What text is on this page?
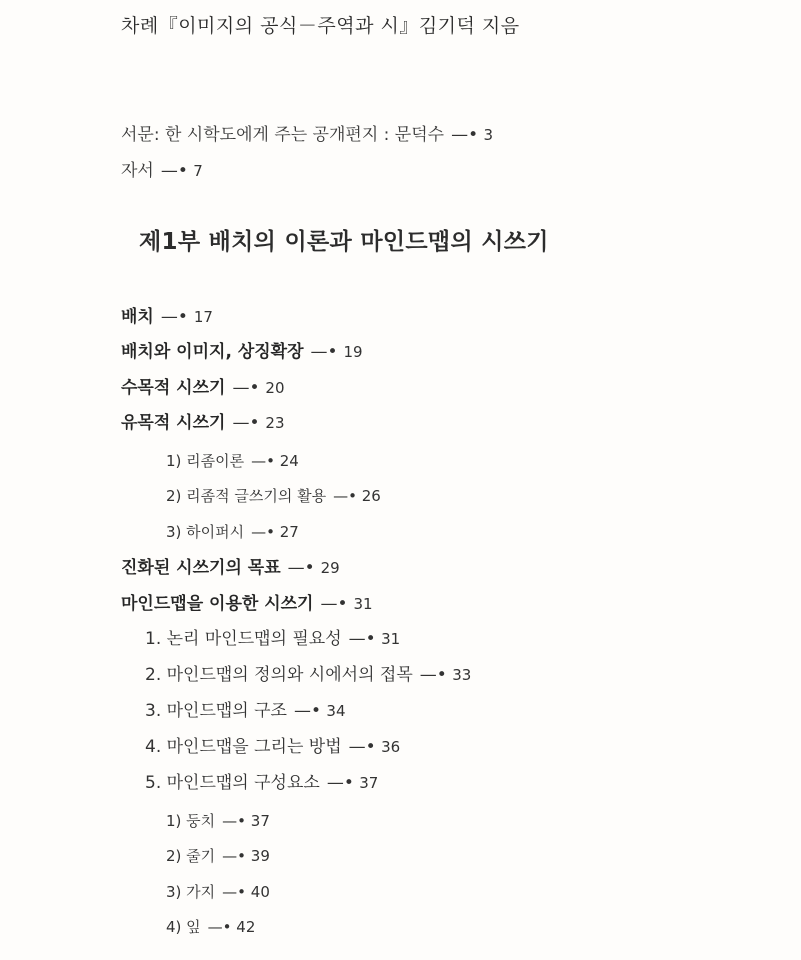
차례『이미지의 공식－주역과 시』김기덕 지음
서문: 한 시학도에게 주는 공개편지 : 문덕수 —• 3
자서 —• 7
제1부 배치의 이론과 마인드맵의 시쓰기
배치 —• 17
배치와 이미지, 상징확장 —• 19
수목적 시쓰기 —• 20
유목적 시쓰기 —• 23
1) 리좀이론 —• 24
2) 리좀적 글쓰기의 활용 —• 26
3) 하이퍼시 —• 27
진화된 시쓰기의 목표 —• 29
마인드맵을 이용한 시쓰기 —• 31
1. 논리 마인드맵의 필요성 —• 31
2. 마인드맵의 정의와 시에서의 접목 —• 33
3. 마인드맵의 구조 —• 34
4. 마인드맵을 그리는 방법 —• 36
5. 마인드맵의 구성요소 —• 37
1) 둥치 —• 37
2) 줄기 —• 39
3) 가지 —• 40
4) 잎 —• 42
